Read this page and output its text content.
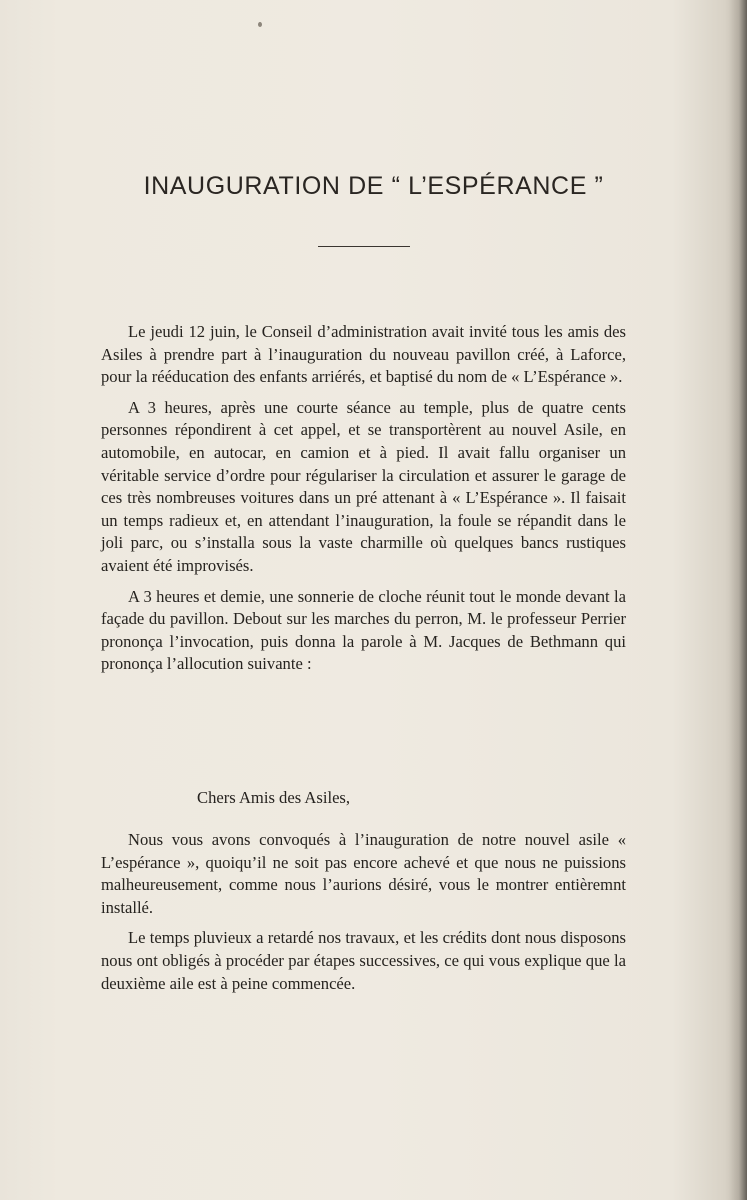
INAUGURATION DE “ L’ESPÉRANCE ”

Le jeudi 12 juin, le Conseil d’administration avait invité tous les amis des Asiles à prendre part à l’inauguration du nouveau pavillon créé, à Laforce, pour la rééducation des enfants arriérés, et baptisé du nom de « L’Espérance ».

A 3 heures, après une courte séance au temple, plus de quatre cents personnes répondirent à cet appel, et se transportèrent au nouvel Asile, en automobile, en autocar, en camion et à pied. Il avait fallu organiser un véritable service d’ordre pour régulariser la circulation et assurer le garage de ces très nombreuses voitures dans un pré attenant à « L’Espérance ». Il faisait un temps radieux et, en attendant l’inauguration, la foule se répandit dans le joli parc, ou s’installa sous la vaste charmille où quelques bancs rustiques avaient été improvisés.

A 3 heures et demie, une sonnerie de cloche réunit tout le monde devant la façade du pavillon. Debout sur les marches du perron, M. le professeur Perrier prononça l’invocation, puis donna la parole à M. Jacques de Bethmann qui prononça l’allocution suivante :

Chers Amis des Asiles,

Nous vous avons convoqués à l’inauguration de notre nouvel asile « L’espérance », quoiqu’il ne soit pas encore achevé et que nous ne puissions malheureusement, comme nous l’aurions désiré, vous le montrer entièremnt installé.

Le temps pluvieux a retardé nos travaux, et les crédits dont nous disposons nous ont obligés à procéder par étapes successives, ce qui vous explique que la deuxième aile est à peine commencée.
